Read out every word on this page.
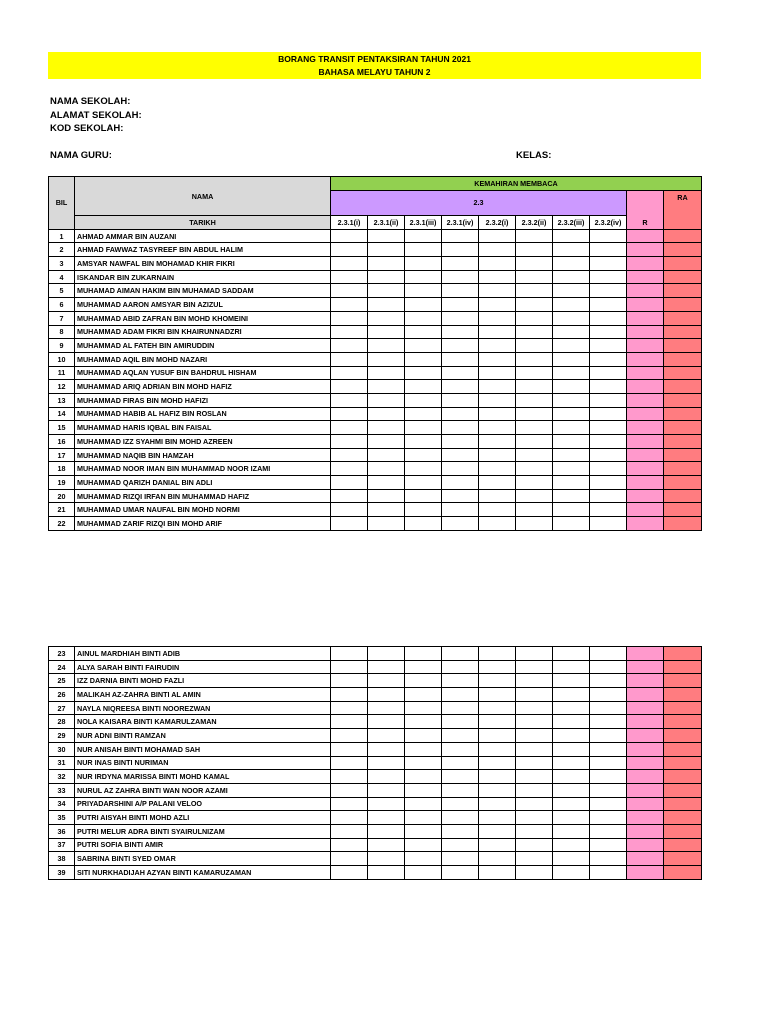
BORANG TRANSIT PENTAKSIRAN TAHUN 2021
BAHASA MELAYU TAHUN 2
NAMA SEKOLAH:
ALAMAT SEKOLAH:
KOD SEKOLAH:
NAMA GURU:	KELAS:
BIL	NAMA	KEMAHIRAN MEMBACA									
		2.3								R	RA
	TARIKH	2.3.1(i)	2.3.1(ii)	2.3.1(iii)	2.3.1(iv)	2.3.2(i)	2.3.2(ii)	2.3.2(iii)	2.3.2(iv)		
1	AHMAD AMMAR BIN AUZANI										
2	AHMAD FAWWAZ TASYREEF BIN ABDUL HALIM										
3	AMSYAR NAWFAL BIN MOHAMAD KHIR FIKRI										
4	ISKANDAR BIN ZUKARNAIN										
5	MUHAMAD AIMAN HAKIM BIN MUHAMAD SADDAM										
6	MUHAMMAD AARON AMSYAR BIN AZIZUL										
7	MUHAMMAD ABID ZAFRAN BIN MOHD KHOMEINI										
8	MUHAMMAD ADAM FIKRI BIN KHAIRUNNADZRI										
9	MUHAMMAD AL FATEH BIN AMIRUDDIN										
10	MUHAMMAD AQIL BIN MOHD NAZARI										
11	MUHAMMAD AQLAN YUSUF BIN BAHDRUL HISHAM										
12	MUHAMMAD ARIQ ADRIAN BIN MOHD HAFIZ										
13	MUHAMMAD FIRAS BIN MOHD HAFIZI										
14	MUHAMMAD HABIB AL HAFIZ BIN ROSLAN										
15	MUHAMMAD HARIS IQBAL BIN FAISAL										
16	MUHAMMAD IZZ SYAHMI BIN MOHD AZREEN										
17	MUHAMMAD NAQIB BIN HAMZAH										
18	MUHAMMAD NOOR IMAN BIN MUHAMMAD NOOR IZAMI										
19	MUHAMMAD QARIZH DANIAL BIN ADLI										
20	MUHAMMAD RIZQI IRFAN BIN MUHAMMAD HAFIZ										
21	MUHAMMAD UMAR NAUFAL BIN MOHD NORMI										
22	MUHAMMAD ZARIF RIZQI BIN MOHD ARIF										
23	AINUL MARDHIAH BINTI ADIB										
24	ALYA SARAH BINTI FAIRUDIN										
25	IZZ DARNIA BINTI MOHD FAZLI										
26	MALIKAH AZ-ZAHRA BINTI AL AMIN										
27	NAYLA NIQREESA BINTI NOOREZWAN										
28	NOLA KAISARA BINTI KAMARULZAMAN										
29	NUR ADNI BINTI RAMZAN										
30	NUR ANISAH BINTI MOHAMAD SAH										
31	NUR INAS BINTI NURIMAN										
32	NUR IRDYNA MARISSA BINTI MOHD KAMAL										
33	NURUL AZ ZAHRA BINTI WAN NOOR AZAMI										
34	PRIYADARSHINI A/P PALANI VELOO										
35	PUTRI AISYAH BINTI MOHD AZLI										
36	PUTRI MELUR ADRA BINTI SYAIRULNIZAM										
37	PUTRI SOFIA BINTI AMIR										
38	SABRINA BINTI SYED OMAR										
39	SITI NURKHADIJAH AZYAN BINTI KAMARUZAMAN										
